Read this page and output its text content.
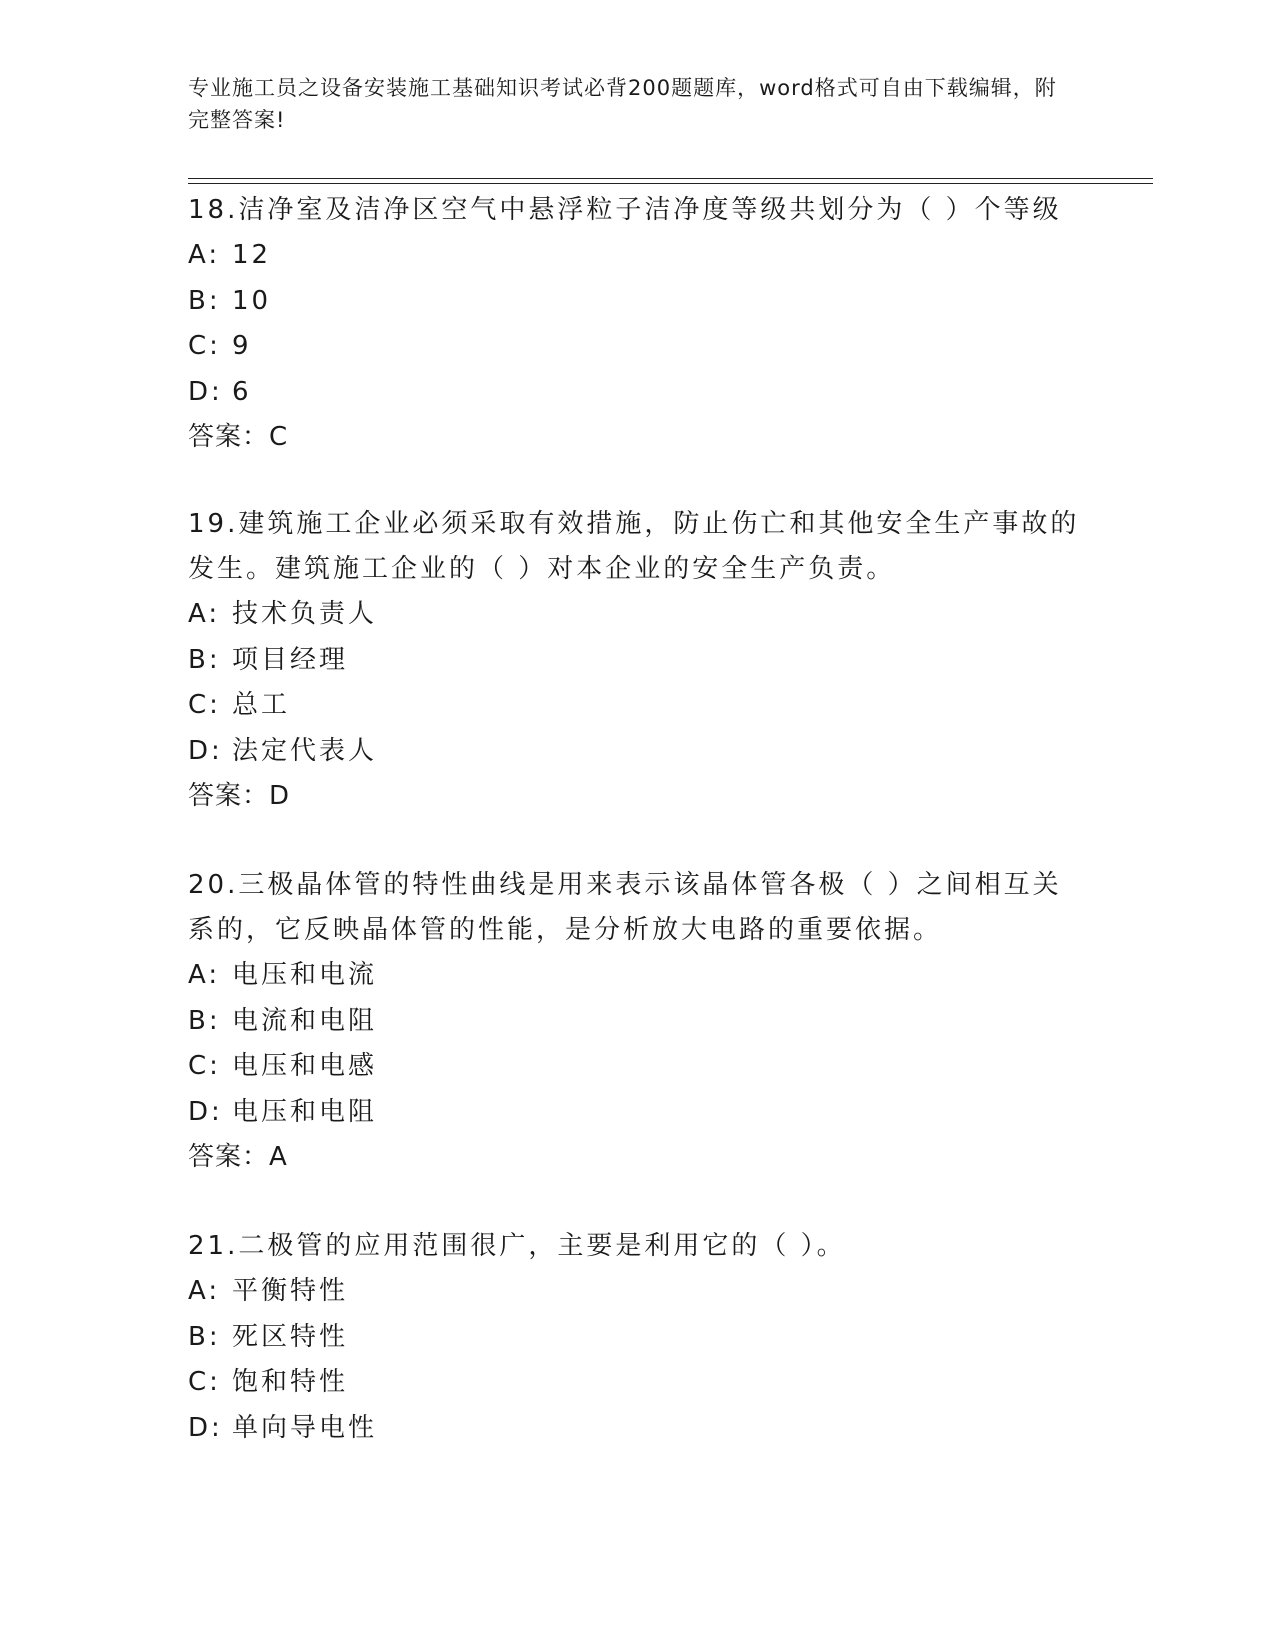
专业施工员之设备安装施工基础知识考试必背200题题库，word格式可自由下载编辑，附完整答案!

18.洁净室及洁净区空气中悬浮粒子洁净度等级共划分为（ ）个等级

A: 12
B: 10
C: 9
D: 6
答案：C

19.建筑施工企业必须采取有效措施，防止伤亡和其他安全生产事故的发生。建筑施工企业的（ ）对本企业的安全生产负责。

A: 技术负责人
B: 项目经理
C: 总工
D: 法定代表人
答案：D

20.三极晶体管的特性曲线是用来表示该晶体管各极（ ）之间相互关系的，它反映晶体管的性能，是分析放大电路的重要依据。

A: 电压和电流
B: 电流和电阻
C: 电压和电感
D: 电压和电阻
答案：A

21.二极管的应用范围很广，主要是利用它的（ ）。

A: 平衡特性
B: 死区特性
C: 饱和特性
D: 单向导电性
